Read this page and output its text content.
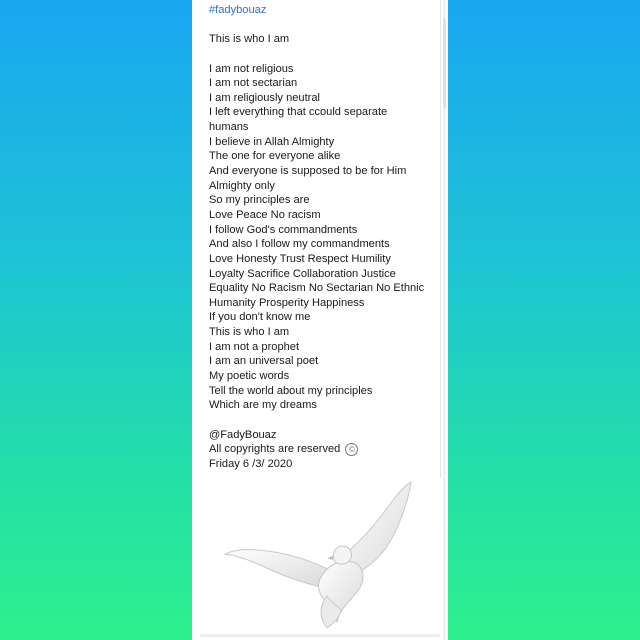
#fadybouaz
This is who I am
I am not religious
I am not sectarian
I am religiously neutral
I left everything that ccould separate
humans
I believe in Allah Almighty
The one for everyone alike
And everyone is supposed to be for Him
Almighty only
So my principles are
Love Peace No racism
I follow God's commandments
And also I follow my commandments
Love Honesty Trust Respect Humility
Loyalty Sacrifice Collaboration Justice
Equality No Racism No Sectarian No Ethnic
Humanity Prosperity Happiness
If you don't know me
This is who I am
I am not a prophet
I am an universal poet
My poetic words
Tell the world about my principles
Which are my dreams
@FadyBouaz
All copyrights are reserved ©
Friday 6 /3/ 2020
